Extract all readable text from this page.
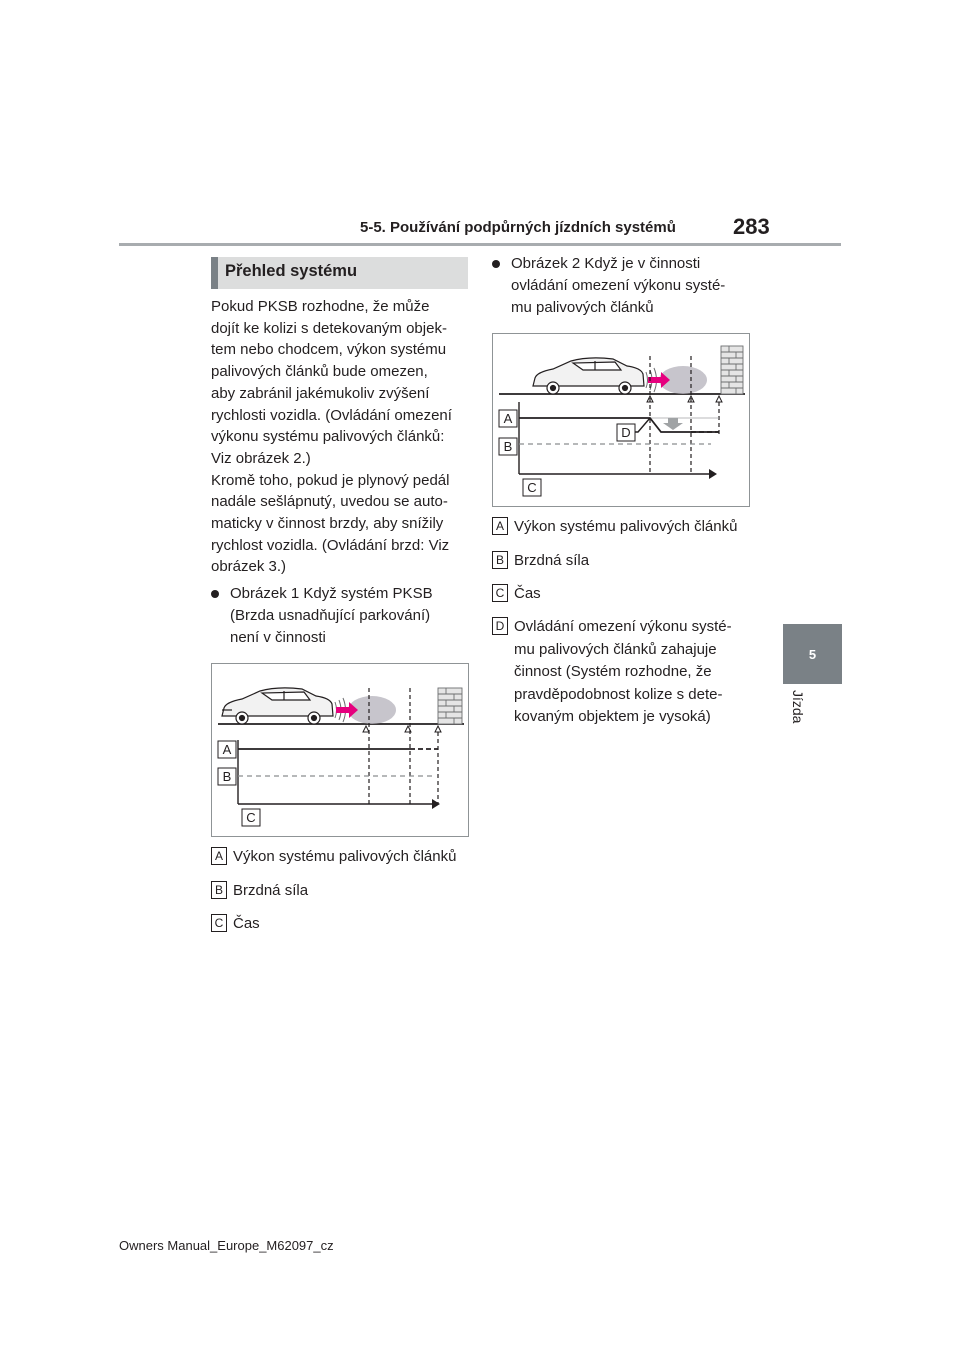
5-5. Používání podpůrných jízdních systémů	283
5
Jízda
Přehled systému
Pokud PKSB rozhodne, že může
dojít ke kolizi s detekovaným objek-
tem nebo chodcem, výkon systému
palivových článků bude omezen,
aby zabránil jakémukoliv zvýšení
rychlosti vozidla. (Ovládání omezení
výkonu systému palivových článků:
Viz obrázek 2.)
Kromě toho, pokud je plynový pedál
nadále sešlápnutý, uvedou se auto-
maticky v činnost brzdy, aby snížily
rychlost vozidla. (Ovládání brzd: Viz
obrázek 3.)
Obrázek 1 Když systém PKSB
(Brzda usnadňující parkování)
není v činnosti
A
B
C
A Výkon systému palivových článků
B Brzdná síla
C Čas
Obrázek 2 Když je v činnosti
ovládání omezení výkonu systé-
mu palivových článků
A
B
C
D
A Výkon systému palivových článků
B Brzdná síla
C Čas
D Ovládání omezení výkonu systé-
mu palivových článků zahajuje
činnost (Systém rozhodne, že
pravděpodobnost kolize s dete-
kovaným objektem je vysoká)
Owners Manual_Europe_M62097_cz
